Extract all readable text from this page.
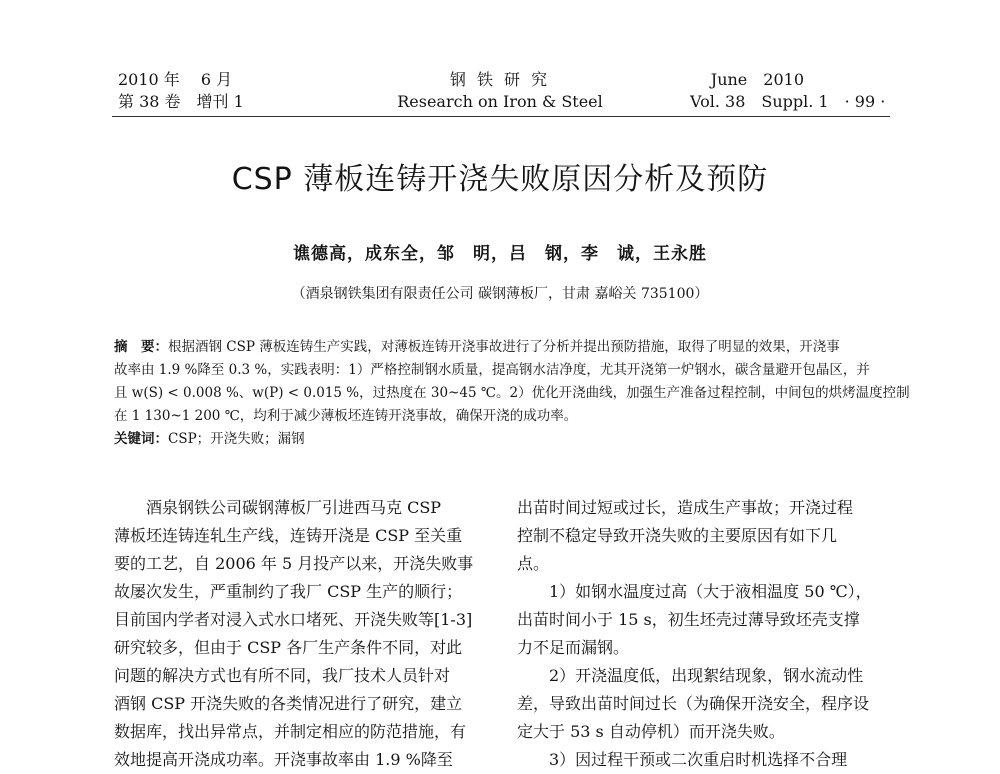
2010 年　 6 月
第 38 卷　增刊 1
钢 铁 研 究
Research on Iron & Steel
June　2010
Vol. 38　Suppl. 1　· 99 ·
CSP 薄板连铸开浇失败原因分析及预防
谯德高，成东全，邹　明，吕　钢，李　诚，王永胜
（酒泉钢铁集团有限责任公司 碳钢薄板厂，甘肃 嘉峪关 735100）
摘　要：根据酒钢 CSP 薄板连铸生产实践，对薄板连铸开浇事故进行了分析并提出预防措施，取得了明显的效果，开浇事
故率由 1.9 %降至 0.3 %，实践表明：1）严格控制钢水质量，提高钢水洁净度，尤其开浇第一炉钢水，碳含量避开包晶区，并
且 w(S) < 0.008 %、w(P) < 0.015 %，过热度在 30~45 ℃。2）优化开浇曲线，加强生产准备过程控制，中间包的烘烤温度控制
在 1 130~1 200 ℃，均利于减少薄板坯连铸开浇事故，确保开浇的成功率。
关键词：CSP；开浇失败；漏钢
　　酒泉钢铁公司碳钢薄板厂引进西马克 CSP
薄板坯连铸连轧生产线，连铸开浇是 CSP 至关重
要的工艺，自 2006 年 5 月投产以来，开浇失败事
故屡次发生，严重制约了我厂 CSP 生产的顺行；
目前国内学者对浸入式水口堵死、开浇失败等[1-3]
研究较多，但由于 CSP 各厂生产条件不同，对此
问题的解决方式也有所不同，我厂技术人员针对
酒钢 CSP 开浇失败的各类情况进行了研究，建立
数据库，找出异常点，并制定相应的防范措施，有
效地提高开浇成功率。开浇事故率由 1.9 %降至
出苗时间过短或过长，造成生产事故；开浇过程
控制不稳定导致开浇失败的主要原因有如下几
点。
　　1）如钢水温度过高（大于液相温度 50 ℃），
出苗时间小于 15 s，初生坯壳过薄导致坯壳支撑
力不足而漏钢。
　　2）开浇温度低，出现絮结现象，钢水流动性
差，导致出苗时间过长（为确保开浇安全，程序设
定大于 53 s 自动停机）而开浇失败。
　　3）因过程干预或二次重启时机选择不合理
